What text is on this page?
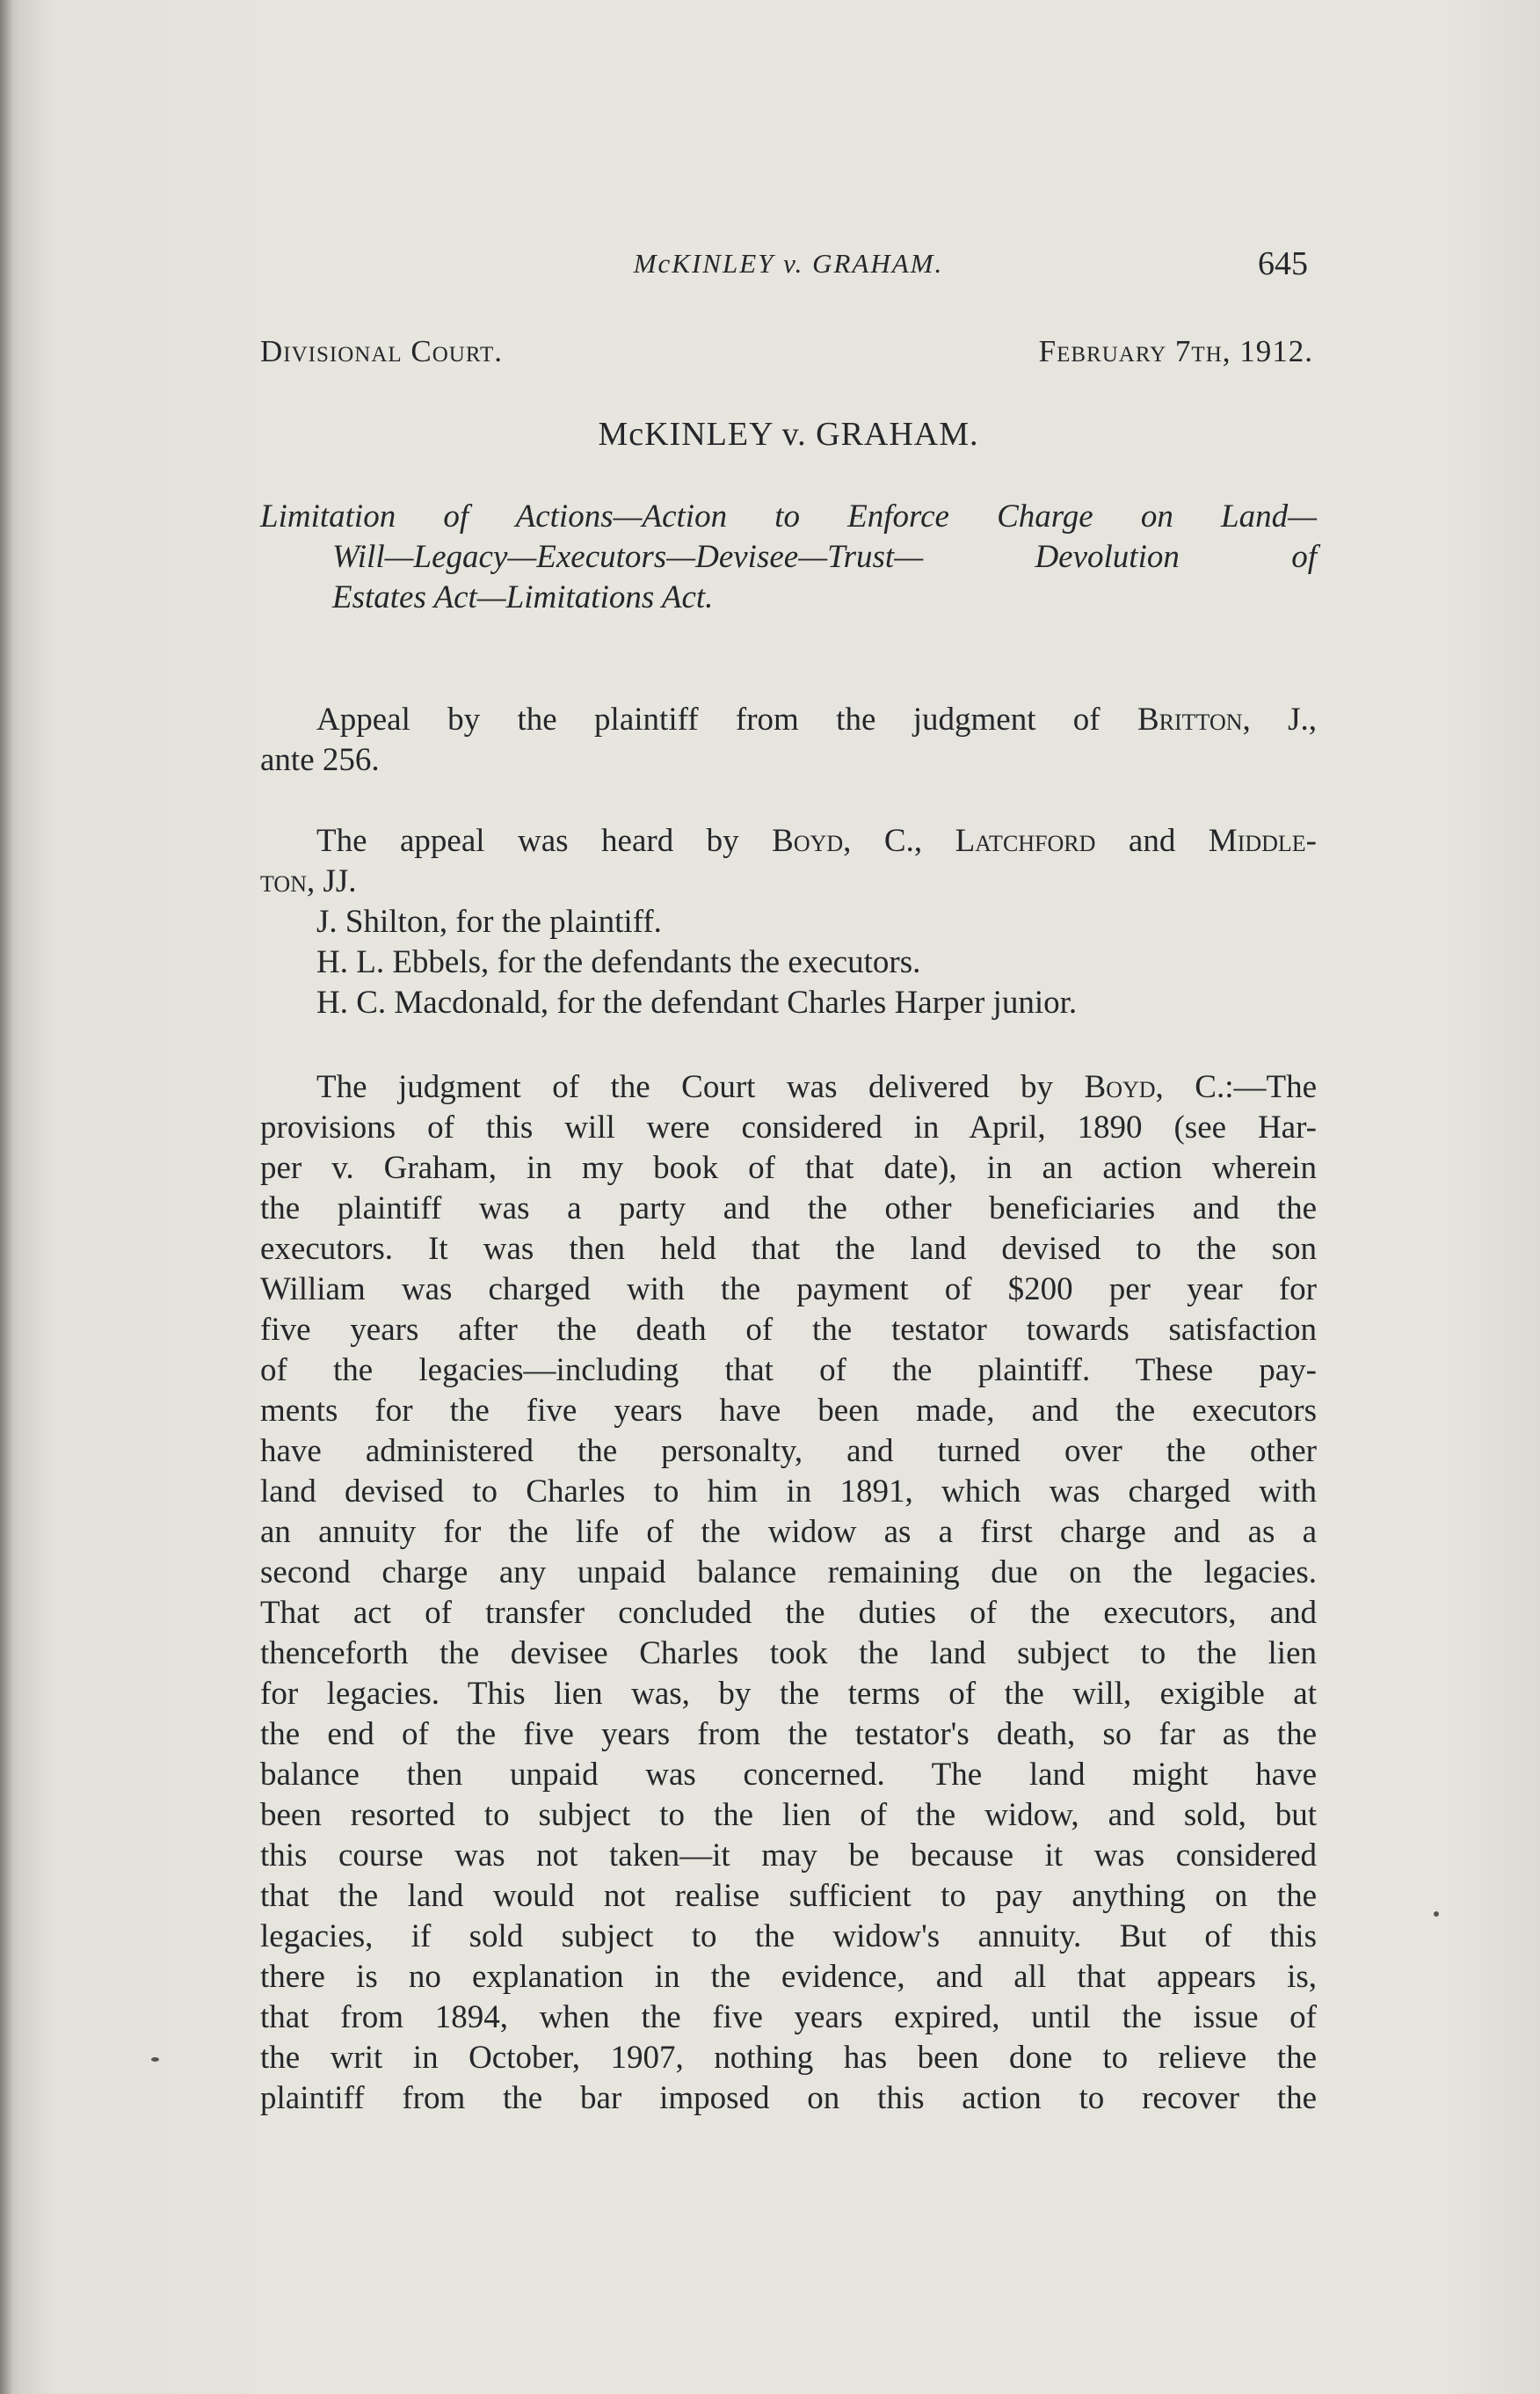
McKINLEY v. GRAHAM.	645
Divisional Court.	February 7th, 1912.
McKINLEY v. GRAHAM.
Limitation of Actions—Action to Enforce Charge on Land—
Will—Legacy—Executors—Devisee—Trust— Devolution of
Estates Act—Limitations Act.
Appeal by the plaintiff from the judgment of Britton, J.,
ante 256.
The appeal was heard by Boyd, C., Latchford and Middle-
ton, JJ.
J. Shilton, for the plaintiff.
H. L. Ebbels, for the defendants the executors.
H. C. Macdonald, for the defendant Charles Harper junior.
The judgment of the Court was delivered by Boyd, C.:—The
provisions of this will were considered in April, 1890 (see Har-
per v. Graham, in my book of that date), in an action wherein
the plaintiff was a party and the other beneficiaries and the
executors. It was then held that the land devised to the son
William was charged with the payment of $200 per year for
five years after the death of the testator towards satisfaction
of the legacies—including that of the plaintiff. These pay-
ments for the five years have been made, and the executors
have administered the personalty, and turned over the other
land devised to Charles to him in 1891, which was charged with
an annuity for the life of the widow as a first charge and as a
second charge any unpaid balance remaining due on the legacies.
That act of transfer concluded the duties of the executors, and
thenceforth the devisee Charles took the land subject to the lien
for legacies. This lien was, by the terms of the will, exigible at
the end of the five years from the testator's death, so far as the
balance then unpaid was concerned. The land might have
been resorted to subject to the lien of the widow, and sold, but
this course was not taken—it may be because it was considered
that the land would not realise sufficient to pay anything on the
legacies, if sold subject to the widow's annuity. But of this
there is no explanation in the evidence, and all that appears is,
that from 1894, when the five years expired, until the issue of
the writ in October, 1907, nothing has been done to relieve the
plaintiff from the bar imposed on this action to recover the
